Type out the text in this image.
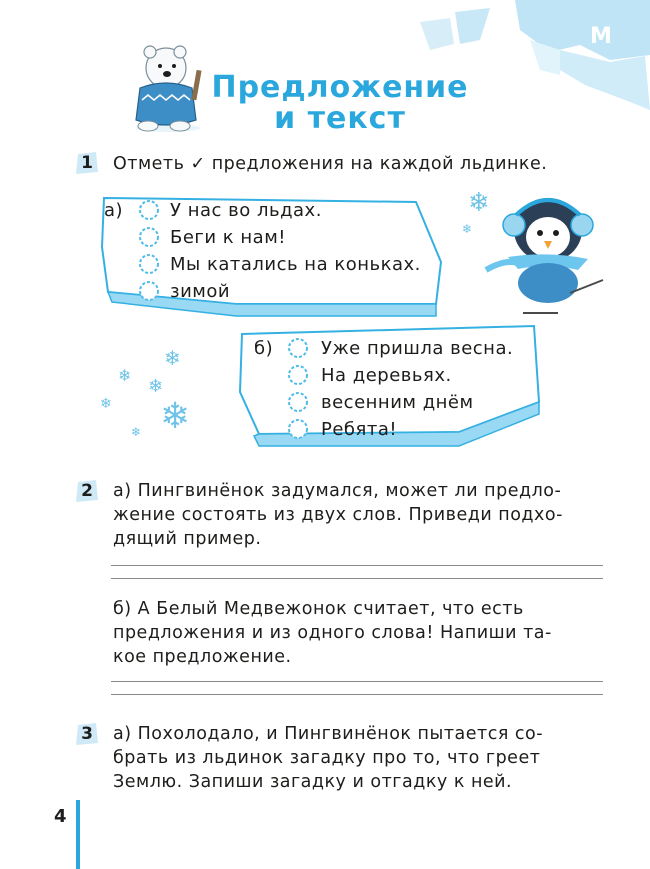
М
Предложение
и текст
1	Отметь ✓ предложения на каждой льдинке.
а)	У нас во льдах.
Беги к нам!
Мы катались на коньках.
зимой
б)	Уже пришла весна.
На деревьях.
весенним днём
Ребята!
❄
❄
❄
❄
❄
❄ ❄
❄
2	а) Пингвинёнок задумался, может ли предло-
жение состоять из двух слов. Приведи подхо-
дящий пример.
б) А Белый Медвежонок считает, что есть
предложения и из одного слова! Напиши та-
кое предложение.
3	а) Похолодало, и Пингвинёнок пытается со-
брать из льдинок загадку про то, что греет
Землю. Запиши загадку и отгадку к ней.
4
